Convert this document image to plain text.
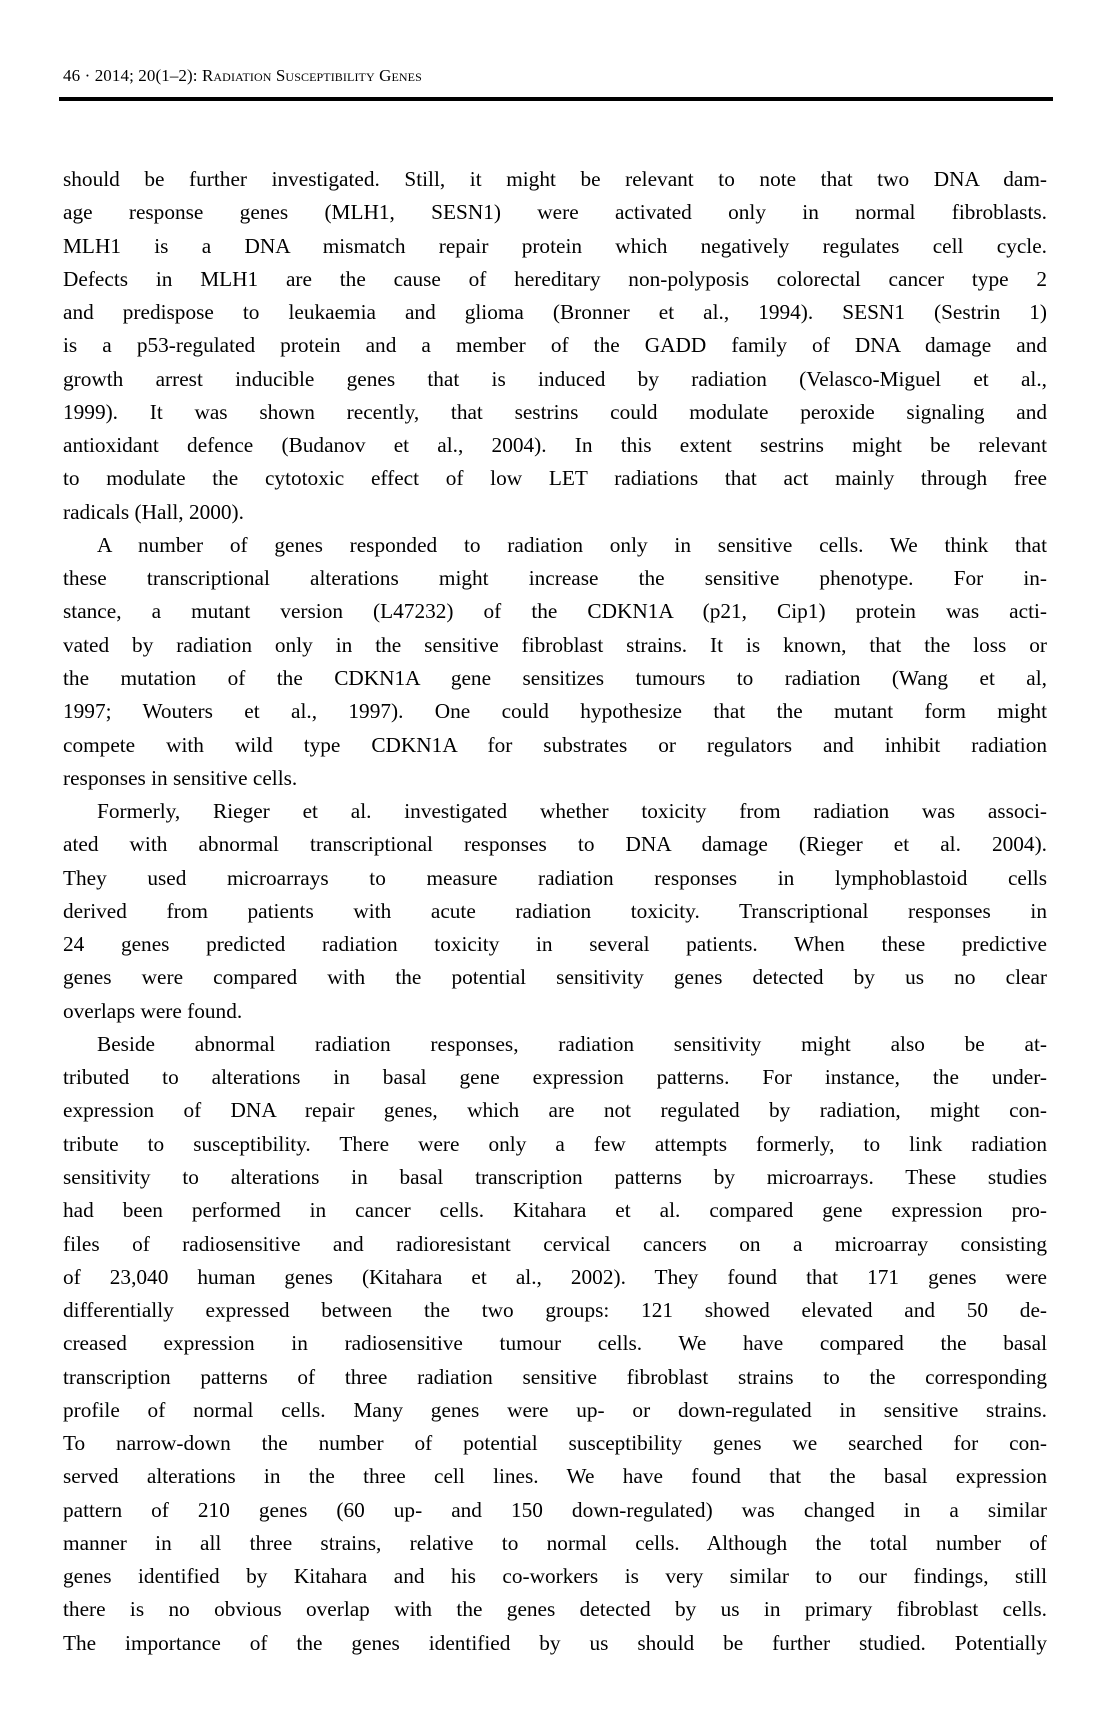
46 · 2014; 20(1–2): Radiation Susceptibility Genes
should be further investigated. Still, it might be relevant to note that two DNA dam-
age response genes (MLH1, SESN1) were activated only in normal fibroblasts.
MLH1 is a DNA mismatch repair protein which negatively regulates cell cycle.
Defects in MLH1 are the cause of hereditary non-polyposis colorectal cancer type 2
and predispose to leukaemia and glioma (Bronner et al., 1994). SESN1 (Sestrin 1)
is a p53-regulated protein and a member of the GADD family of DNA damage and
growth arrest inducible genes that is induced by radiation (Velasco-Miguel et al.,
1999). It was shown recently, that sestrins could modulate peroxide signaling and
antioxidant defence (Budanov et al., 2004). In this extent sestrins might be relevant
to modulate the cytotoxic effect of low LET radiations that act mainly through free
radicals (Hall, 2000).
A number of genes responded to radiation only in sensitive cells. We think that
these transcriptional alterations might increase the sensitive phenotype. For in-
stance, a mutant version (L47232) of the CDKN1A (p21, Cip1) protein was acti-
vated by radiation only in the sensitive fibroblast strains. It is known, that the loss or
the mutation of the CDKN1A gene sensitizes tumours to radiation (Wang et al,
1997; Wouters et al., 1997). One could hypothesize that the mutant form might
compete with wild type CDKN1A for substrates or regulators and inhibit radiation
responses in sensitive cells.
Formerly, Rieger et al. investigated whether toxicity from radiation was associ-
ated with abnormal transcriptional responses to DNA damage (Rieger et al. 2004).
They used microarrays to measure radiation responses in lymphoblastoid cells
derived from patients with acute radiation toxicity. Transcriptional responses in
24 genes predicted radiation toxicity in several patients. When these predictive
genes were compared with the potential sensitivity genes detected by us no clear
overlaps were found.
Beside abnormal radiation responses, radiation sensitivity might also be at-
tributed to alterations in basal gene expression patterns. For instance, the under-
expression of DNA repair genes, which are not regulated by radiation, might con-
tribute to susceptibility. There were only a few attempts formerly, to link radiation
sensitivity to alterations in basal transcription patterns by microarrays. These studies
had been performed in cancer cells. Kitahara et al. compared gene expression pro-
files of radiosensitive and radioresistant cervical cancers on a microarray consisting
of 23,040 human genes (Kitahara et al., 2002). They found that 171 genes were
differentially expressed between the two groups: 121 showed elevated and 50 de-
creased expression in radiosensitive tumour cells. We have compared the basal
transcription patterns of three radiation sensitive fibroblast strains to the corresponding
profile of normal cells. Many genes were up- or down-regulated in sensitive strains.
To narrow-down the number of potential susceptibility genes we searched for con-
served alterations in the three cell lines. We have found that the basal expression
pattern of 210 genes (60 up- and 150 down-regulated) was changed in a similar
manner in all three strains, relative to normal cells. Although the total number of
genes identified by Kitahara and his co-workers is very similar to our findings, still
there is no obvious overlap with the genes detected by us in primary fibroblast cells.
The importance of the genes identified by us should be further studied. Potentially
